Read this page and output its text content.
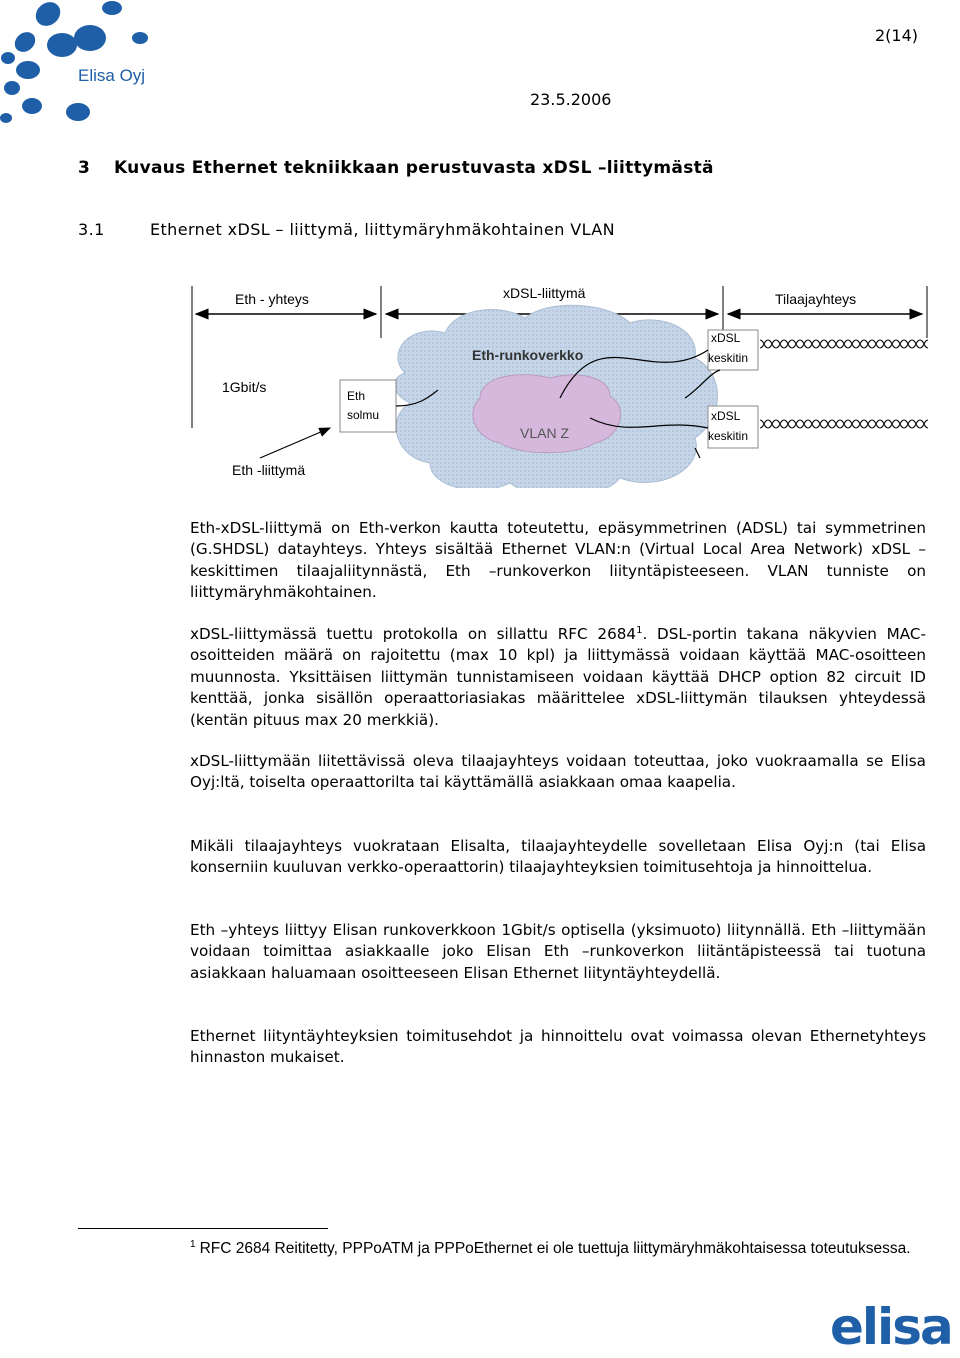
Elisa Oyj
2(14)
23.5.2006
3 Kuvaus Ethernet tekniikkaan perustuvasta xDSL –liittymästä
3.1	Ethernet xDSL – liittymä, liittymäryhmäkohtainen VLAN
Eth - yhteys	xDSL-liittymä	Tilaajayhteys
Eth-runkoverkko
VLAN Z
Eth
solmu
xDSL
keskitin
xDSL
keskitin
1Gbit/s
Eth -liittymä

Eth-xDSL-liittymä on Eth-verkon kautta toteutettu, epäsymmetrinen (ADSL) tai symmetrinen (G.SHDSL) datayhteys. Yhteys sisältää Ethernet VLAN:n (Virtual Local Area Network) xDSL –keskittimen tilaajaliitynnästä, Eth –runkoverkon liityntäpisteeseen. VLAN tunniste on liittymäryhmäkohtainen.

xDSL-liittymässä tuettu protokolla on sillattu RFC 2684$^1$. DSL-portin takana näkyvien MAC-osoitteiden määrä on rajoitettu (max 10 kpl) ja liittymässä voidaan käyttää MAC-osoitteen muunnosta. Yksittäisen liittymän tunnistamiseen voidaan käyttää DHCP option 82 circuit ID kenttää, jonka sisällön operaattoriasiakas määrittelee xDSL-liittymän tilauksen yhteydessä (kentän pituus max 20 merkkiä).

xDSL-liittymään liitettävissä oleva tilaajayhteys voidaan toteuttaa, joko vuokraamalla se Elisa Oyj:ltä, toiselta operaattorilta tai käyttämällä asiakkaan omaa kaapelia.

Mikäli tilaajayhteys vuokrataan Elisalta, tilaajayhteydelle sovelletaan Elisa Oyj:n (tai Elisa konserniin kuuluvan verkko-operaattorin) tilaajayhteyksien toimitusehtoja ja hinnoittelua.

Eth –yhteys liittyy Elisan runkoverkkoon 1Gbit/s optisella (yksimuoto) liitynnällä. Eth –liittymään voidaan toimittaa asiakkaalle joko Elisan Eth –runkoverkon liitäntäpisteessä tai tuotuna asiakkaan haluamaan osoitteeseen Elisan Ethernet liityntäyhteydellä.

Ethernet liityntäyhteyksien toimitusehdot ja hinnoittelu ovat voimassa olevan Ethernetyhteys hinnaston mukaiset.

$^1$ RFC 2684 Reititetty, PPPoATM ja PPPoEthernet ei ole tuettuja liittymäryhmäkohtaisessa toteutuksessa.
elisa
